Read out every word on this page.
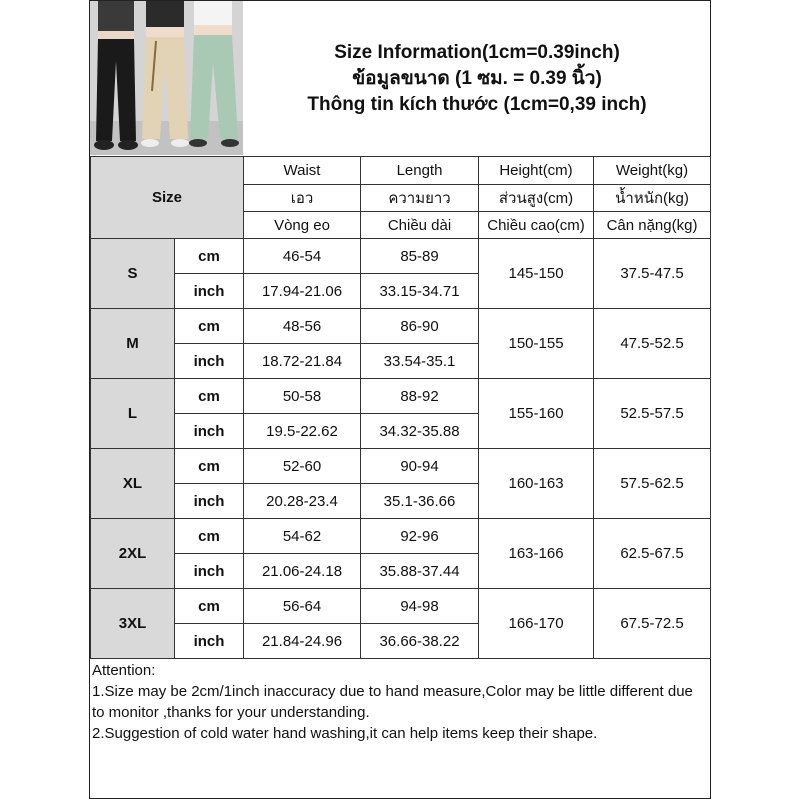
Size Information(1cm=0.39inch)
ข้อมูลขนาด (1 ซม. = 0.39 นิ้ว)
Thông tin kích thước (1cm=0,39 inch)
Size		Waist	Length	Height(cm)	Weight(kg)
		เอว	ความยาว	ส่วนสูง(cm)	น้ำหนัก(kg)
		Vòng eo	Chiều dài	Chiều cao(cm)	Cân nặng(kg)
S	cm	46-54	85-89	145-150	37.5-47.5
	inch	17.94-21.06	33.15-34.71		
M	cm	48-56	86-90	150-155	47.5-52.5
	inch	18.72-21.84	33.54-35.1		
L	cm	50-58	88-92	155-160	52.5-57.5
	inch	19.5-22.62	34.32-35.88		
XL	cm	52-60	90-94	160-163	57.5-62.5
	inch	20.28-23.4	35.1-36.66		
2XL	cm	54-62	92-96	163-166	62.5-67.5
	inch	21.06-24.18	35.88-37.44		
3XL	cm	56-64	94-98	166-170	67.5-72.5
	inch	21.84-24.96	36.66-38.22		
Attention:
1.Size may be 2cm/1inch inaccuracy due to hand measure,Color may be little different due to monitor ,thanks for your understanding.
2.Suggestion of cold water hand washing,it can help items keep their shape.
